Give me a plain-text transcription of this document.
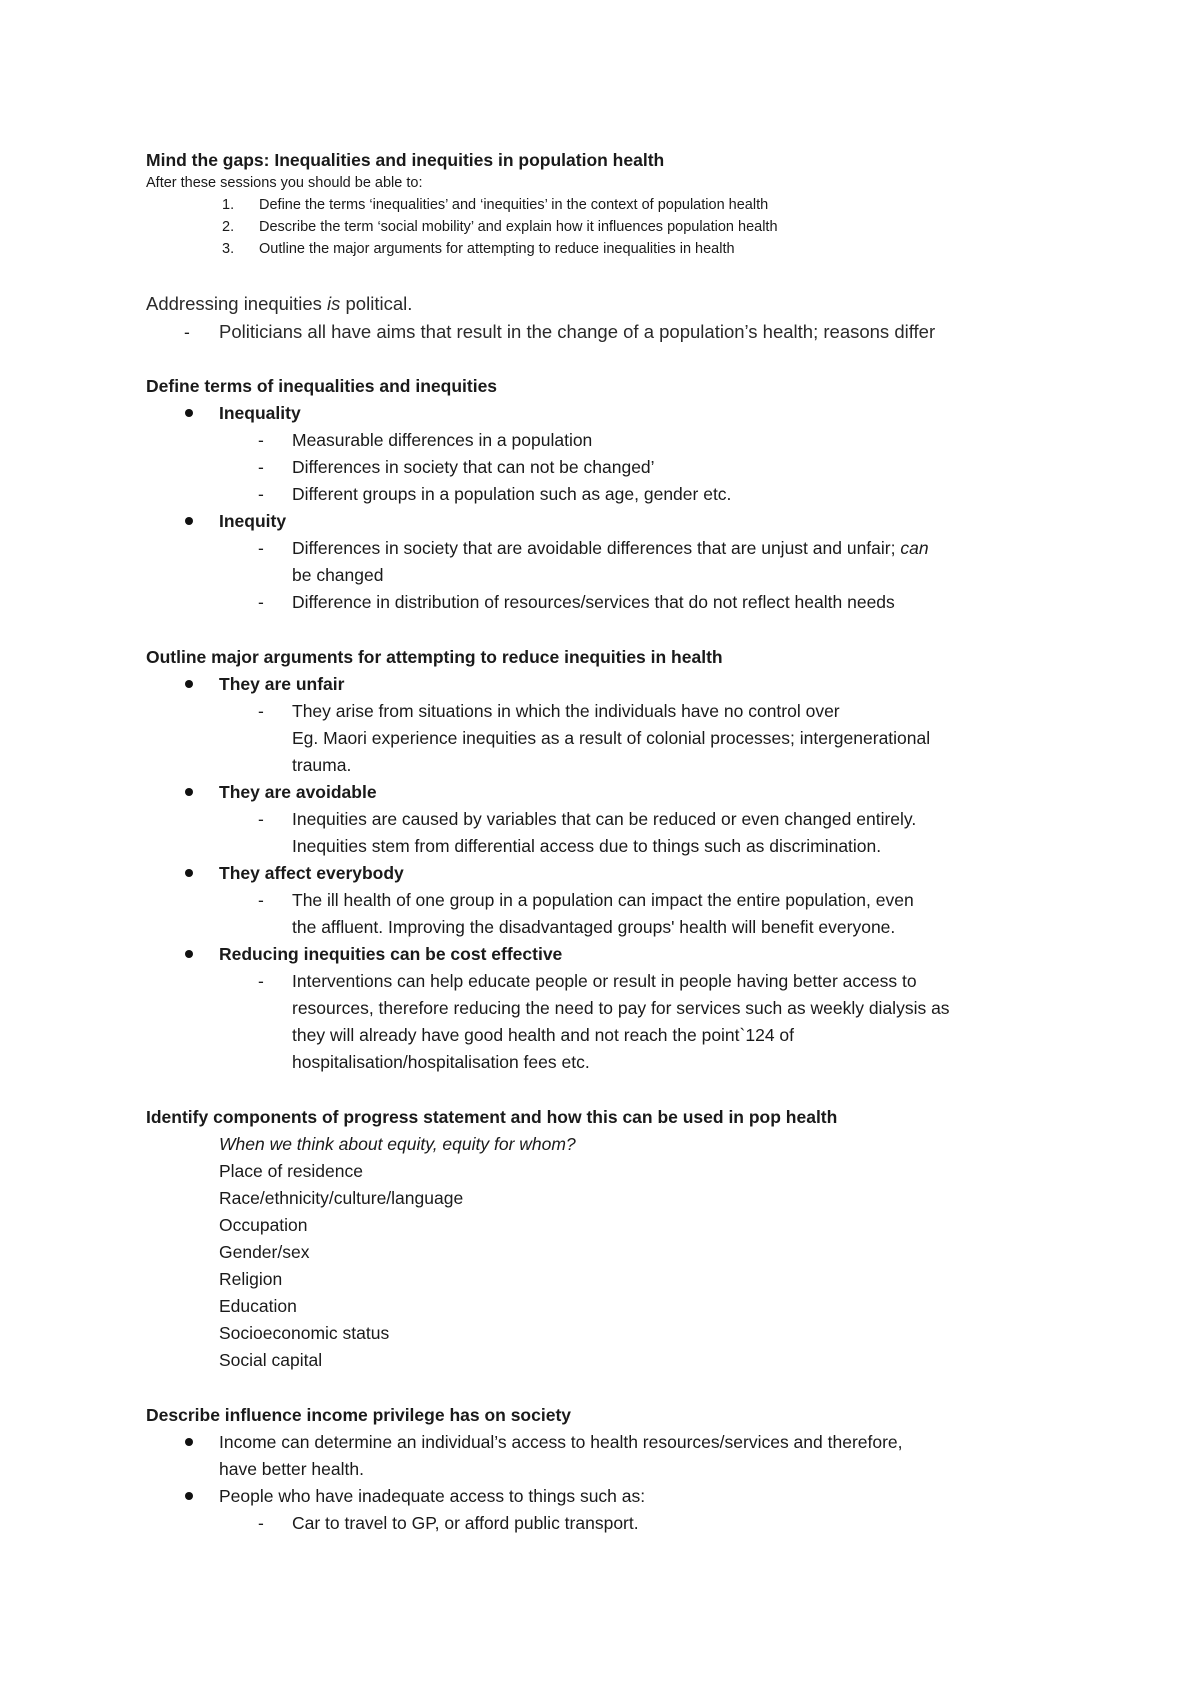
Mind the gaps: Inequalities and inequities in population health
After these sessions you should be able to:
1. Define the terms ‘inequalities’ and ‘inequities’ in the context of population health
2. Describe the term ‘social mobility’ and explain how it influences population health
3. Outline the major arguments for attempting to reduce inequalities in health
Addressing inequities is political.
- Politicians all have aims that result in the change of a population’s health; reasons differ
Define terms of inequalities and inequities
Inequality
- Measurable differences in a population
- Differences in society that can not be changed’
- Different groups in a population such as age, gender etc.
Inequity
- Differences in society that are avoidable differences that are unjust and unfair; can
be changed
- Difference in distribution of resources/services that do not reflect health needs
Outline major arguments for attempting to reduce inequities in health
They are unfair
- They arise from situations in which the individuals have no control over
Eg. Maori experience inequities as a result of colonial processes; intergenerational
trauma.
They are avoidable
- Inequities are caused by variables that can be reduced or even changed entirely.
Inequities stem from differential access due to things such as discrimination.
They affect everybody
- The ill health of one group in a population can impact the entire population, even
the affluent. Improving the disadvantaged groups' health will benefit everyone.
Reducing inequities can be cost effective
- Interventions can help educate people or result in people having better access to
resources, therefore reducing the need to pay for services such as weekly dialysis as
they will already have good health and not reach the point`124 of
hospitalisation/hospitalisation fees etc.
Identify components of progress statement and how this can be used in pop health
When we think about equity, equity for whom?
Place of residence
Race/ethnicity/culture/language
Occupation
Gender/sex
Religion
Education
Socioeconomic status
Social capital
Describe influence income privilege has on society
Income can determine an individual’s access to health resources/services and therefore,
have better health.
People who have inadequate access to things such as:
- Car to travel to GP, or afford public transport.
